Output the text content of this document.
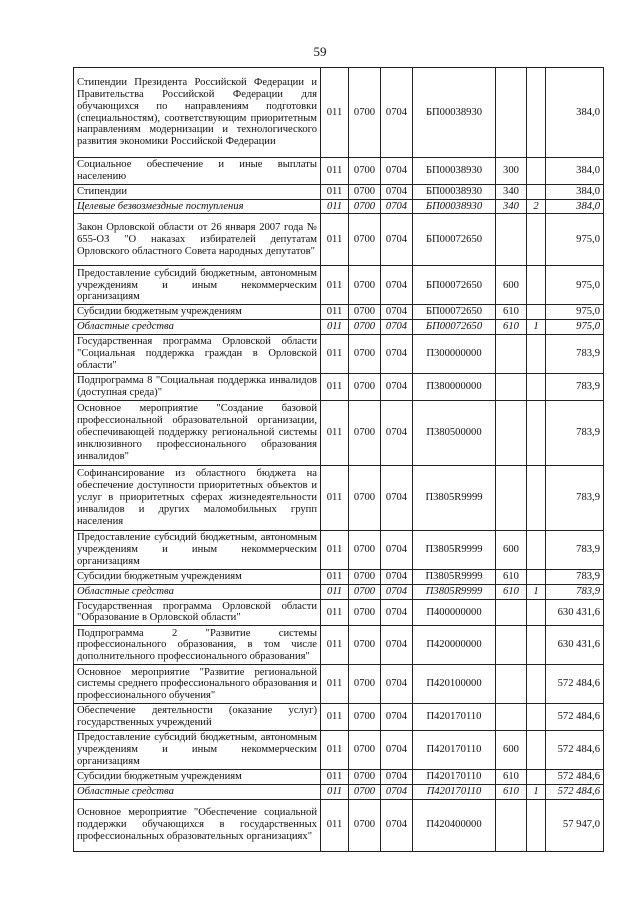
59
Стипендии Президента Российской Федерации и Правительства Российской Федерации для обучающихся по направлениям подготовки (специальностям), соответствующим приоритетным направлениям модернизации и технологического развития экономики Российской Федерации	011	0700	0704	БП00038930			384,0
Социальное обеспечение и иные выплаты населению	011	0700	0704	БП00038930	300		384,0
Стипендии	011	0700	0704	БП00038930	340		384,0
Целевые безвозмездные поступления	011	0700	0704	БП00038930	340	2	384,0
Закон Орловской области от 26 января 2007 года № 655-ОЗ "О наказах избирателей депутатам Орловского областного Совета народных депутатов"	011	0700	0704	БП00072650			975,0
Предоставление субсидий бюджетным, автономным учреждениям и иным некоммерческим организациям	011	0700	0704	БП00072650	600		975,0
Субсидии бюджетным учреждениям	011	0700	0704	БП00072650	610		975,0
Областные средства	011	0700	0704	БП00072650	610	1	975,0
Государственная программа Орловской области "Социальная поддержка граждан в Орловской области"	011	0700	0704	П300000000			783,9
Подпрограмма 8 "Социальная поддержка инвалидов (доступная среда)"	011	0700	0704	П380000000			783,9
Основное мероприятие "Создание базовой профессиональной образовательной организации, обеспечивающей поддержку региональной системы инклюзивного профессионального образования инвалидов"	011	0700	0704	П380500000			783,9
Софинансирование из областного бюджета на обеспечение доступности приоритетных объектов и услуг в приоритетных сферах жизнедеятельности инвалидов и других маломобильных групп населения	011	0700	0704	П3805R9999			783,9
Предоставление субсидий бюджетным, автономным учреждениям и иным некоммерческим организациям	011	0700	0704	П3805R9999	600		783,9
Субсидии бюджетным учреждениям	011	0700	0704	П3805R9999	610		783,9
Областные средства	011	0700	0704	П3805R9999	610	1	783,9
Государственная программа Орловской области "Образование в Орловской области"	011	0700	0704	П400000000			630 431,6
Подпрограмма 2 "Развитие системы профессионального образования, в том числе дополнительного профессионального образования"	011	0700	0704	П420000000			630 431,6
Основное мероприятие "Развитие региональной системы среднего профессионального образования и профессионального обучения"	011	0700	0704	П420100000			572 484,6
Обеспечение деятельности (оказание услуг) государственных учреждений	011	0700	0704	П420170110			572 484,6
Предоставление субсидий бюджетным, автономным учреждениям и иным некоммерческим организациям	011	0700	0704	П420170110	600		572 484,6
Субсидии бюджетным учреждениям	011	0700	0704	П420170110	610		572 484,6
Областные средства	011	0700	0704	П420170110	610	1	572 484,6
Основное мероприятие "Обеспечение социальной поддержки обучающихся в государственных профессиональных образовательных организациях"	011	0700	0704	П420400000			57 947,0
